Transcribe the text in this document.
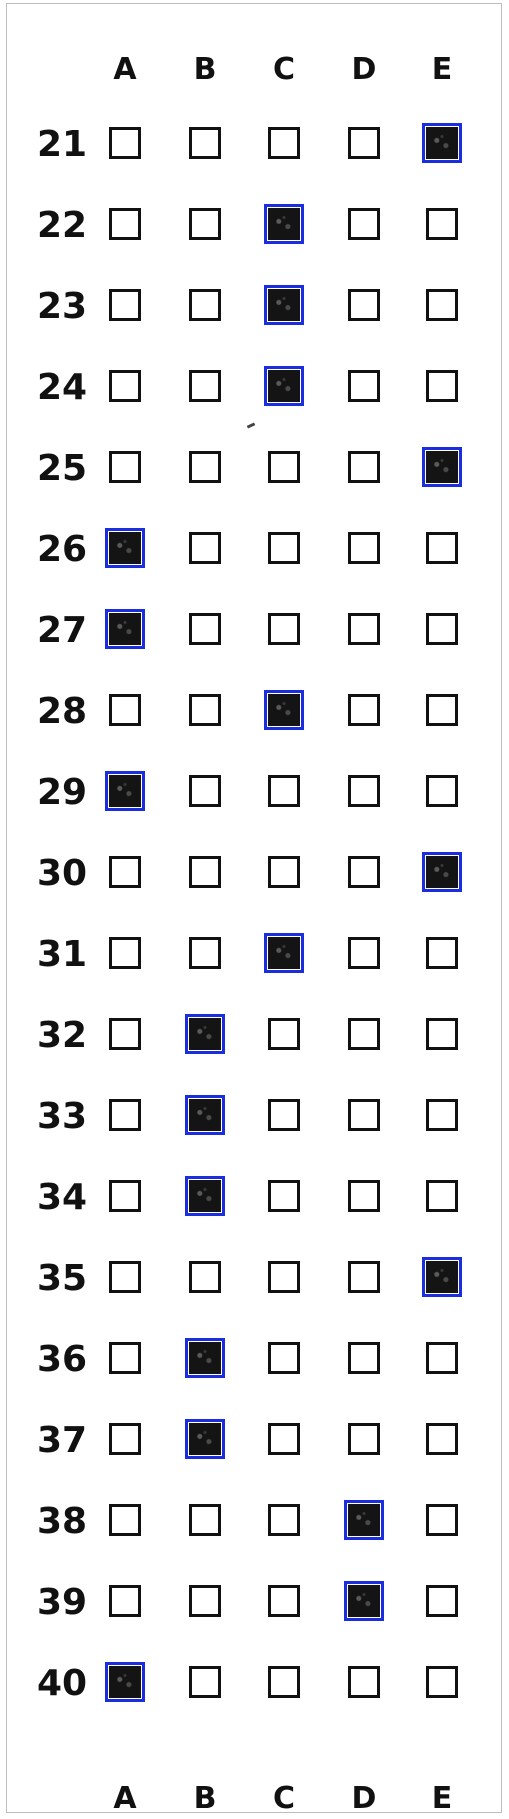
A B C D	E
21
22
23
24
25
26
27
28
29
30
31
32
33
34
35
36
37
38
39
40
A B C D	E
